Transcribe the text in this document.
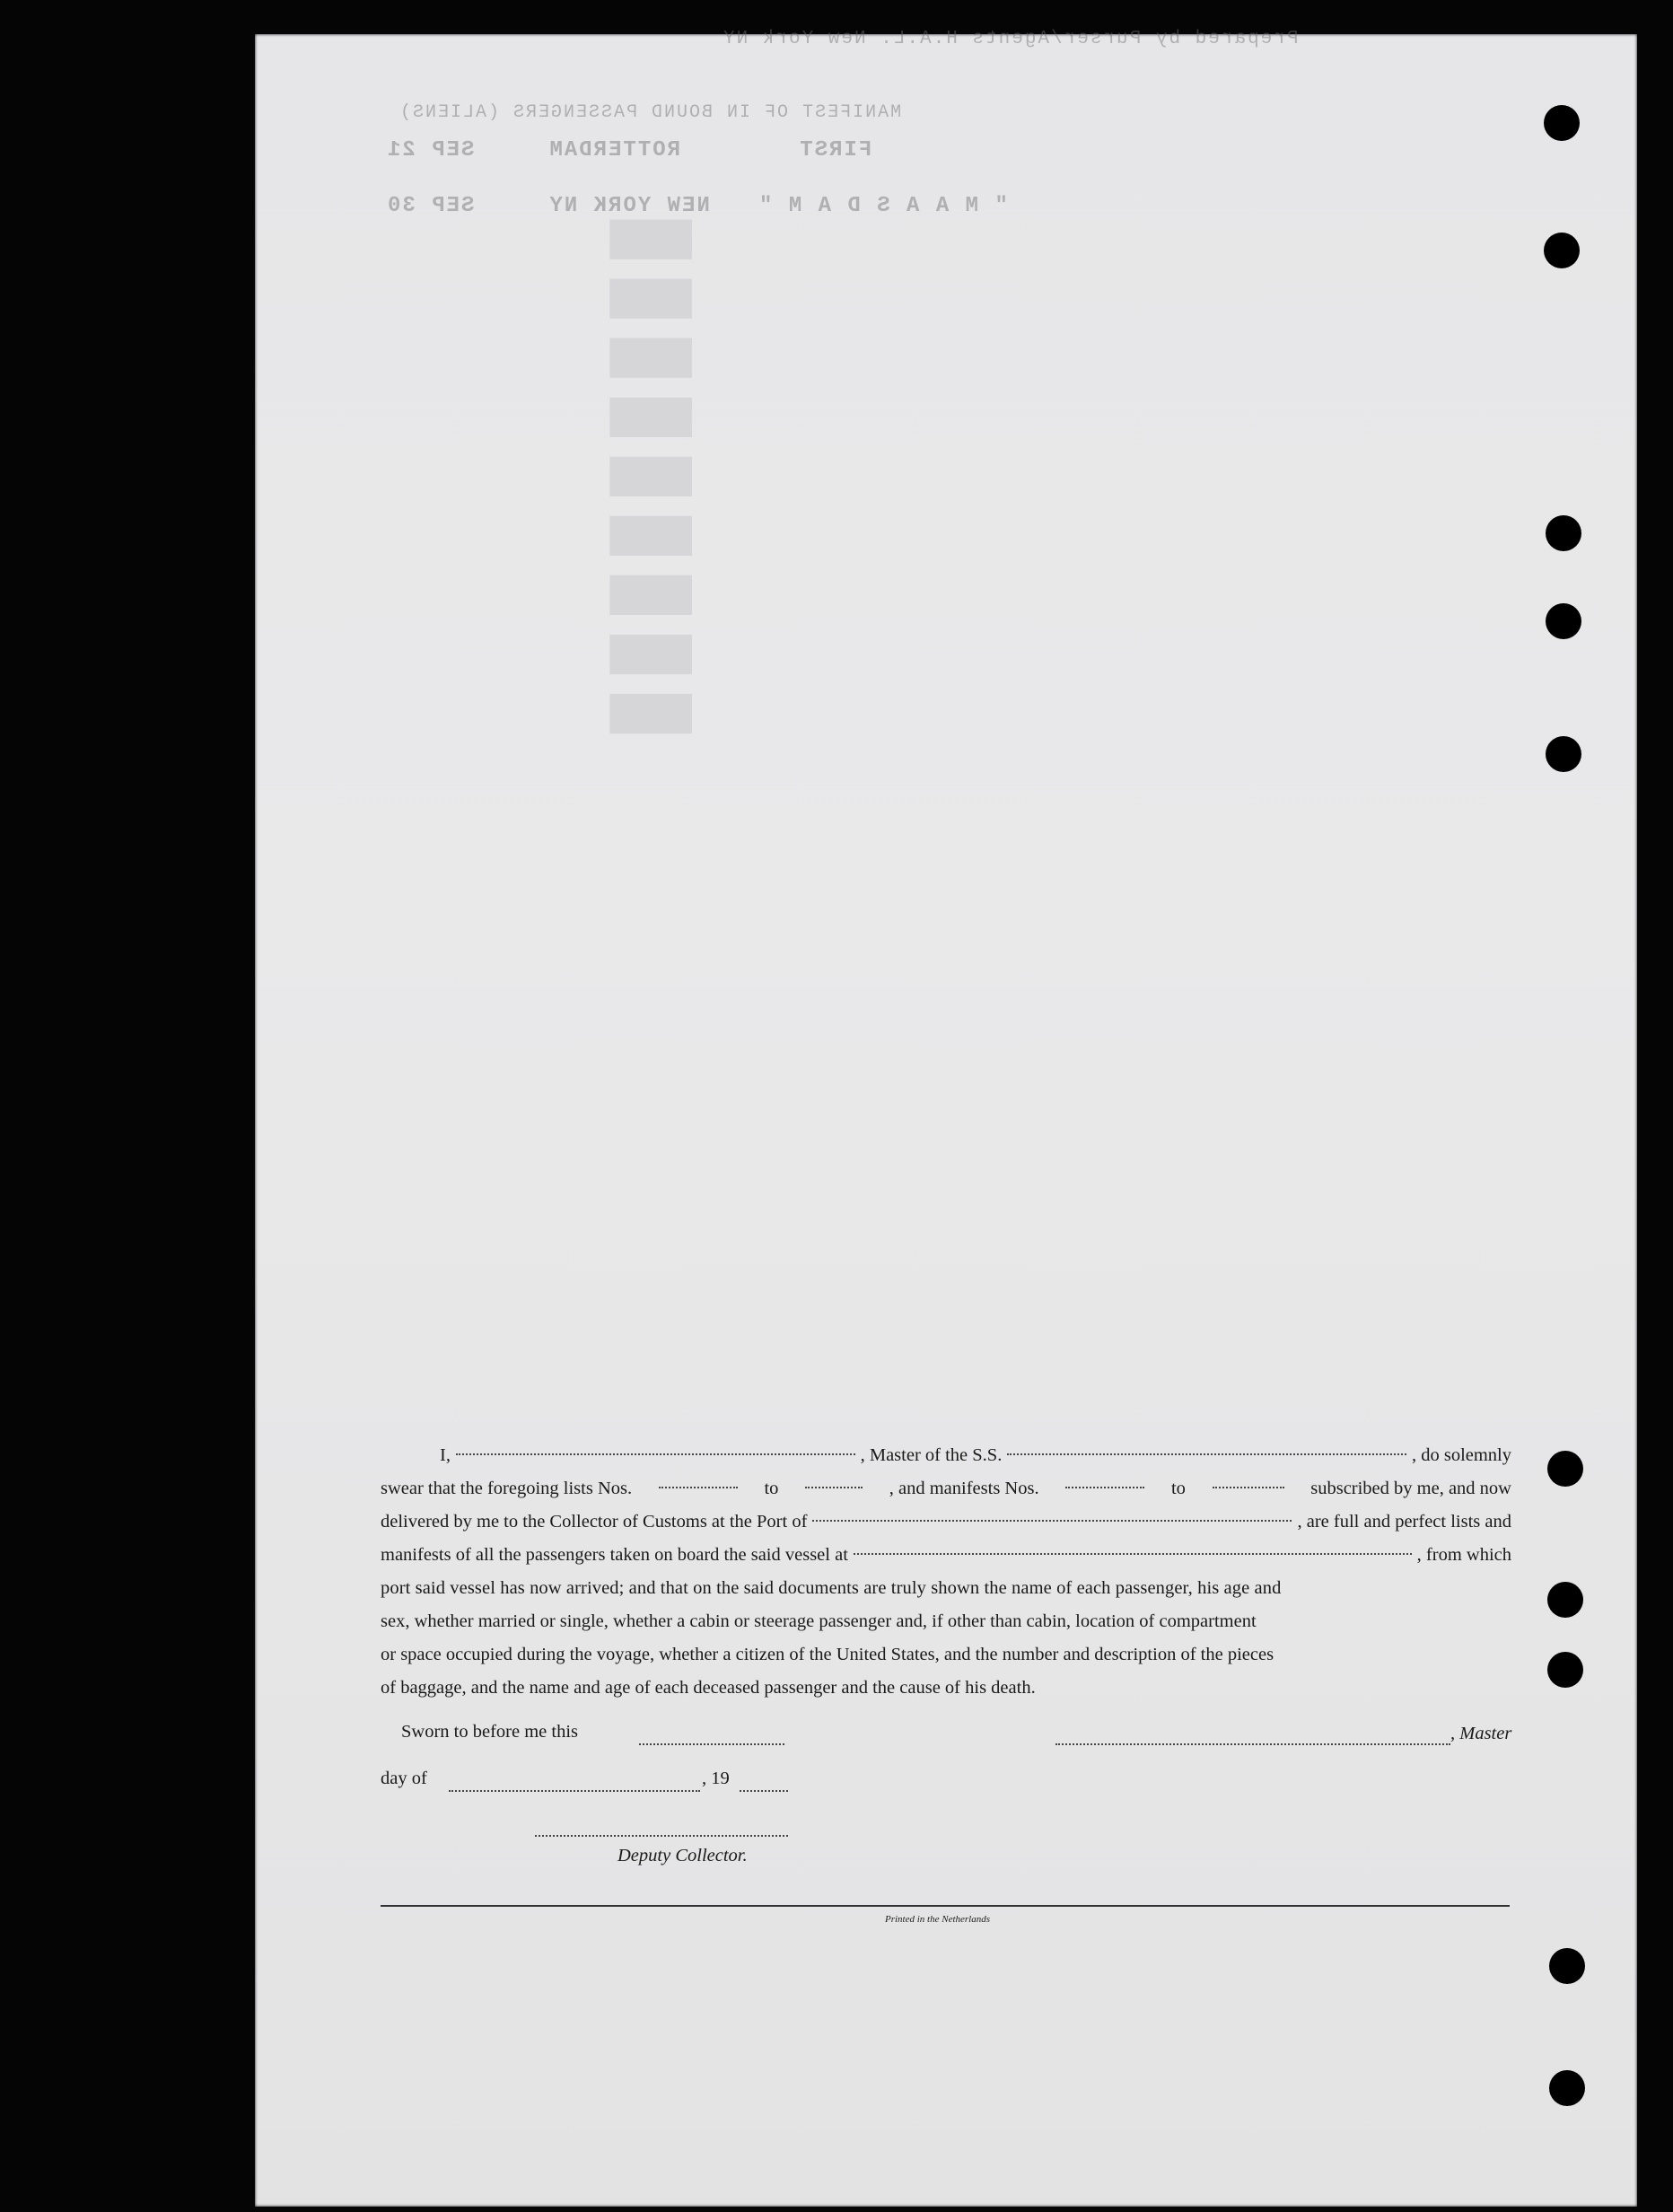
Prepared by Purser/Agents H.A.L. New York NY
MANIFEST OF IN BOUND PASSENGERS (ALIENS)
FIRST        ROTTERDAM     SEP 21
NEW YORK NY     SEP 30 " M A A S D A M "
▮▮▮▮▮▮▮▮▮
I,	, Master of the S.S.	, do solemnly
swear that the foregoing lists Nos.	to	, and manifests Nos.	to	subscribed by me, and now
delivered by me to the Collector of Customs at the Port of	, are full and perfect lists and
manifests of all the passengers taken on board the said vessel at	, from which
port said vessel has now arrived; and that on the said documents are truly shown the name of each passenger, his age and
sex, whether married or single, whether a cabin or steerage passenger and, if other than cabin, location of compartment
or space occupied during the voyage, whether a citizen of the United States, and the number and description of the pieces
of baggage, and the name and age of each deceased passenger and the cause of his death.
Sworn to before me this	, Master
day of	, 19
Deputy Collector.
Printed in the Netherlands
